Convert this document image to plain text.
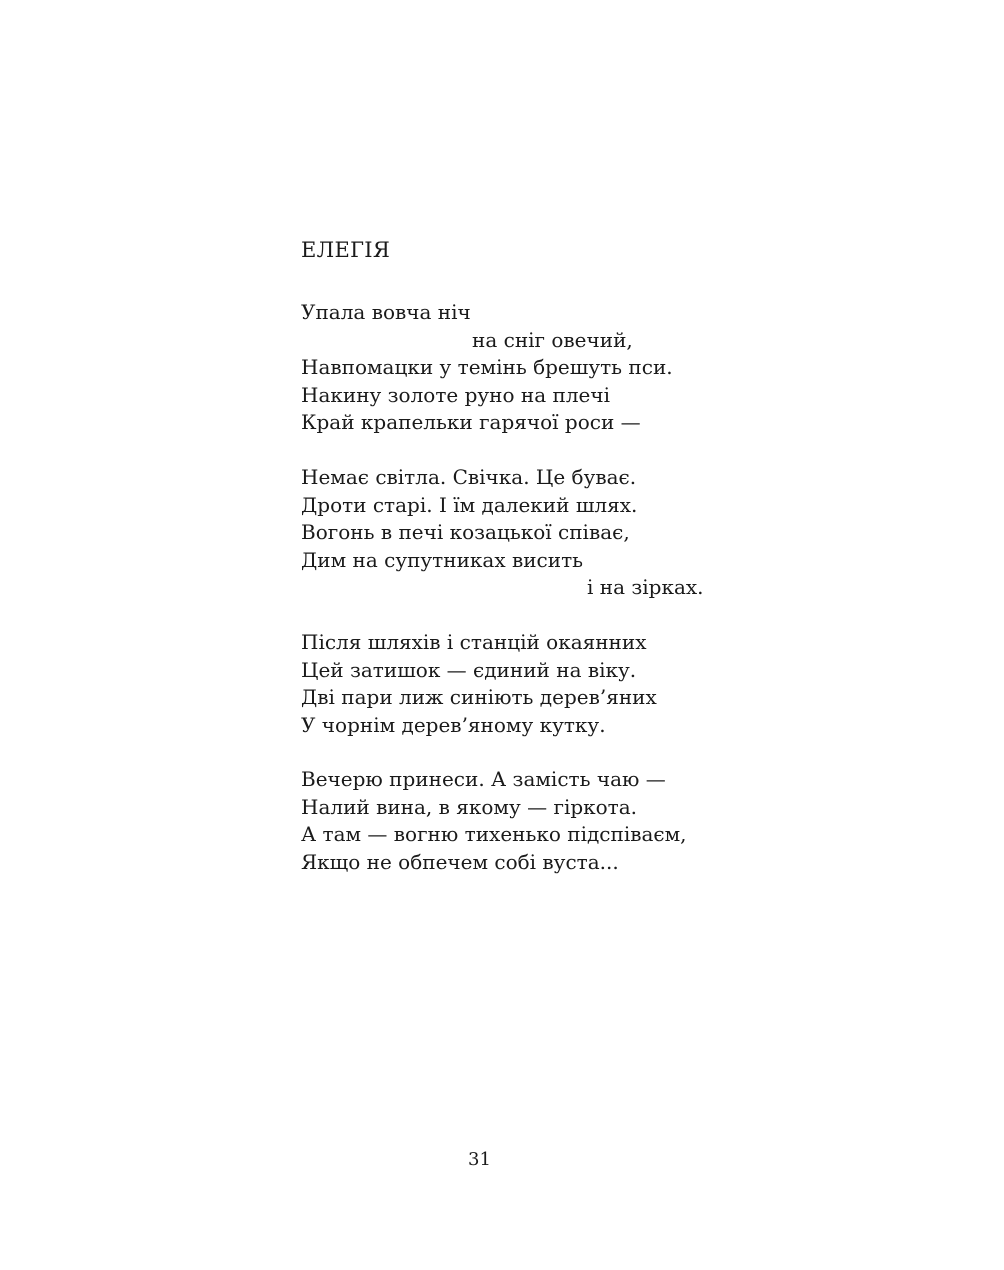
ЕЛЕГІЯ
Упала вовча ніч
на сніг овечий,
Навпомацки у темінь брешуть пси.
Накину золоте руно на плечі
Край крапельки гарячої роси —
Немає світла. Свічка. Це буває.
Дроти старі. І їм далекий шлях.
Вогонь в печі козацької співає,
Дим на супутниках висить
і на зірках.
Після шляхів і станцій окаянних
Цей затишок — єдиний на віку.
Дві пари лиж синіють дерев’яних
У чорнім дерев’яному кутку.
Вечерю принеси. А замість чаю —
Налий вина, в якому — гіркота.
А там — вогню тихенько підспіваєм,
Якщо не обпечем собі вуста...
31
